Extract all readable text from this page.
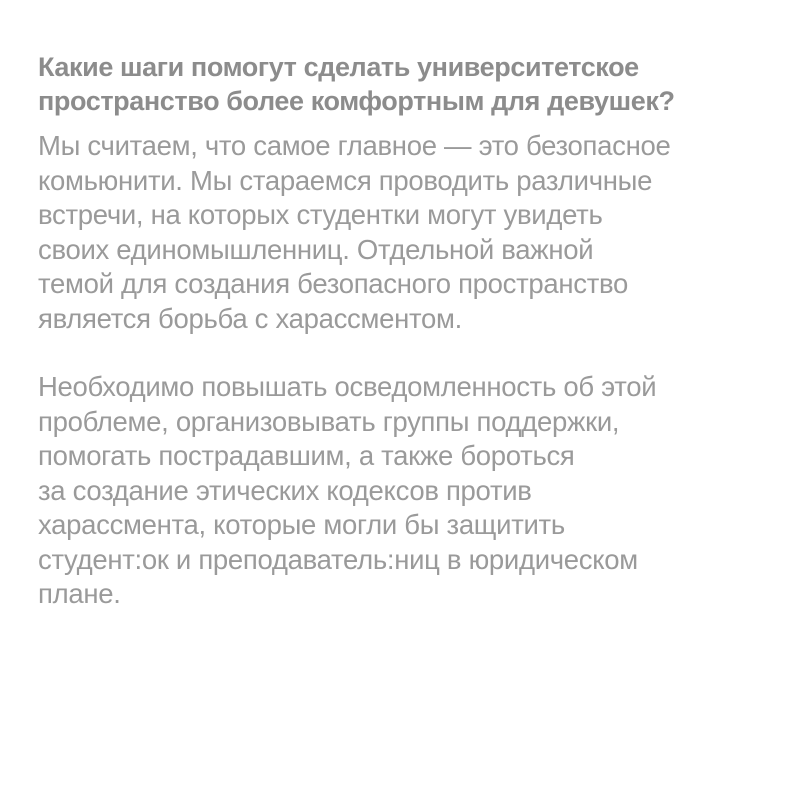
Какие шаги помогут сделать университетское
пространство более комфортным для девушек?

Мы считаем, что самое главное — это безопасное
комьюнити. Мы стараемся проводить различные
встречи, на которых студентки могут увидеть
своих единомышленниц. Отдельной важной
темой для создания безопасного пространство
является борьба с харассментом.

Необходимо повышать осведомленность об этой
проблеме, организовывать группы поддержки,
помогать пострадавшим, а также бороться
за создание этических кодексов против
харассмента, которые могли бы защитить
студент:ок и преподаватель:ниц в юридическом
плане.
